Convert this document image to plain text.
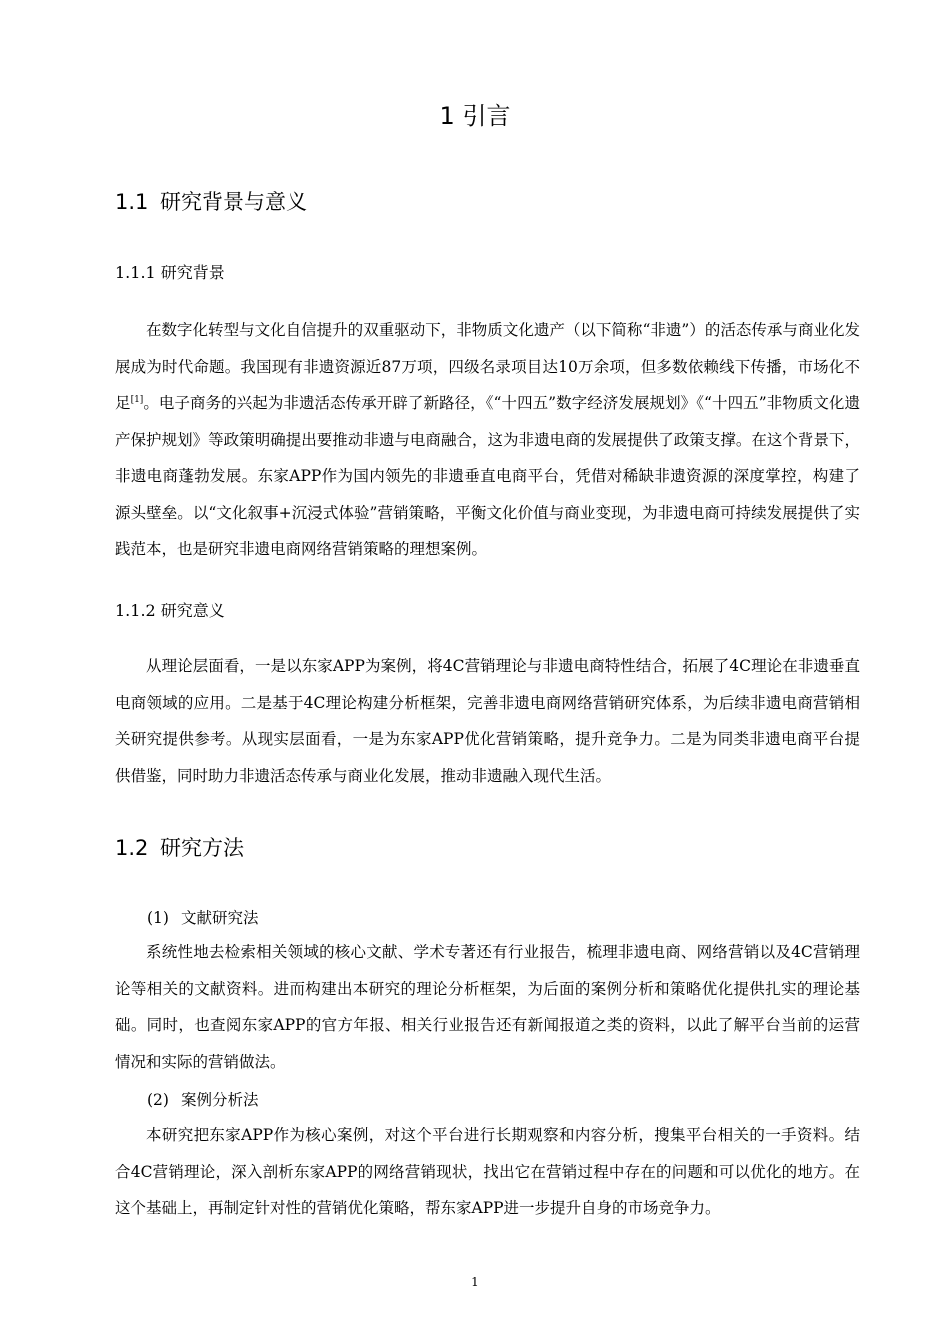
1 引言
1.1 研究背景与意义
1.1.1 研究背景
在数字化转型与文化自信提升的双重驱动下，非物质文化遗产（以下简称“非遗”）的活态传承与商业化发展成为时代命题。我国现有非遗资源近87万项，四级名录项目达10万余项，但多数依赖线下传播，市场化不足[1]。电子商务的兴起为非遗活态传承开辟了新路径，《“十四五”数字经济发展规划》《“十四五”非物质文化遗产保护规划》等政策明确提出要推动非遗与电商融合，这为非遗电商的发展提供了政策支撑。在这个背景下，非遗电商蓬勃发展。东家APP作为国内领先的非遗垂直电商平台，凭借对稀缺非遗资源的深度掌控，构建了源头壁垒。以“文化叙事+沉浸式体验”营销策略，平衡文化价值与商业变现，为非遗电商可持续发展提供了实践范本，也是研究非遗电商网络营销策略的理想案例。
1.1.2 研究意义
从理论层面看，一是以东家APP为案例，将4C营销理论与非遗电商特性结合，拓展了4C理论在非遗垂直电商领域的应用。二是基于4C理论构建分析框架，完善非遗电商网络营销研究体系，为后续非遗电商营销相关研究提供参考。从现实层面看，一是为东家APP优化营销策略，提升竞争力。二是为同类非遗电商平台提供借鉴，同时助力非遗活态传承与商业化发展，推动非遗融入现代生活。
1.2 研究方法
(1) 文献研究法
系统性地去检索相关领域的核心文献、学术专著还有行业报告，梳理非遗电商、网络营销以及4C营销理论等相关的文献资料。进而构建出本研究的理论分析框架，为后面的案例分析和策略优化提供扎实的理论基础。同时，也查阅东家APP的官方年报、相关行业报告还有新闻报道之类的资料，以此了解平台当前的运营情况和实际的营销做法。
(2) 案例分析法
本研究把东家APP作为核心案例，对这个平台进行长期观察和内容分析，搜集平台相关的一手资料。结合4C营销理论，深入剖析东家APP的网络营销现状，找出它在营销过程中存在的问题和可以优化的地方。在这个基础上，再制定针对性的营销优化策略，帮东家APP进一步提升自身的市场竞争力。
1
